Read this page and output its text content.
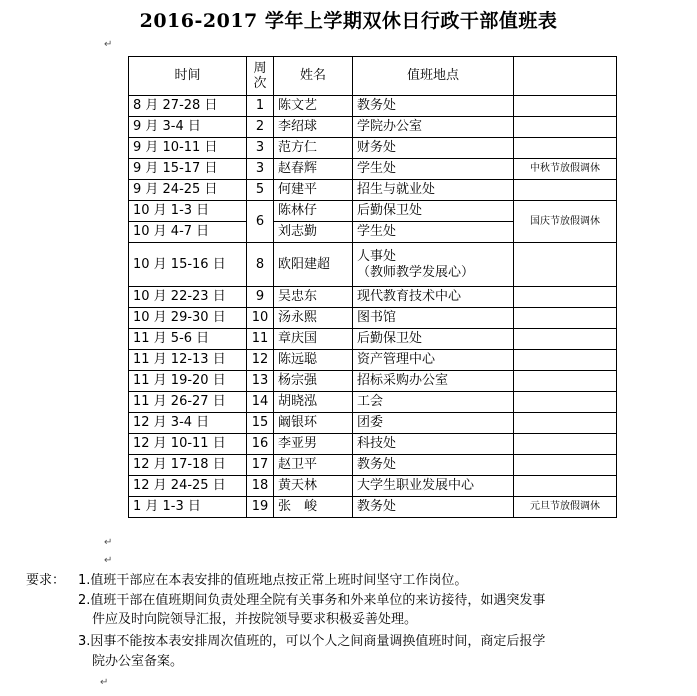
2016-2017 学年上学期双休日行政干部值班表
↵
时间	周次	姓名	值班地点	
8 月 27-28 日	1	陈文艺	教务处	
9 月 3-4 日	2	李绍球	学院办公室	
9 月 10-11 日	3	范方仁	财务处	
9 月 15-17 日	3	赵春辉	学生处	中秋节放假调休
9 月 24-25 日	5	何建平	招生与就业处	
10 月 1-3 日	6	陈林仔	后勤保卫处	国庆节放假调休
10 月 4-7 日		刘志勤	学生处	
10 月 15-16 日	8	欧阳建超	人事处
（教师教学发展心）	

10 月 22-23 日	9	吴忠东	现代教育技术中心	
10 月 29-30 日	10	汤永熙	图书馆	
11 月 5-6 日	11	章庆国	后勤保卫处	
11 月 12-13 日	12	陈远聪	资产管理中心	
11 月 19-20 日	13	杨宗强	招标采购办公室	
11 月 26-27 日	14	胡晓泓	工会	
12 月 3-4 日	15	阚银环	团委	
12 月 10-11 日	16	李亚男	科技处	
12 月 17-18 日	17	赵卫平	教务处	
12 月 24-25 日	18	黄天林	大学生职业发展中心	
1 月 1-3 日	19	张　峻	教务处	元旦节放假调休
↵
↵
要求： 1.值班干部应在本表安排的值班地点按正常上班时间坚守工作岗位。
2.值班干部在值班期间负责处理全院有关事务和外来单位的来访接待，如遇突发事
件应及时向院领导汇报，并按院领导要求积极妥善处理。
3.因事不能按本表安排周次值班的，可以个人之间商量调换值班时间，商定后报学
院办公室备案。
↵
